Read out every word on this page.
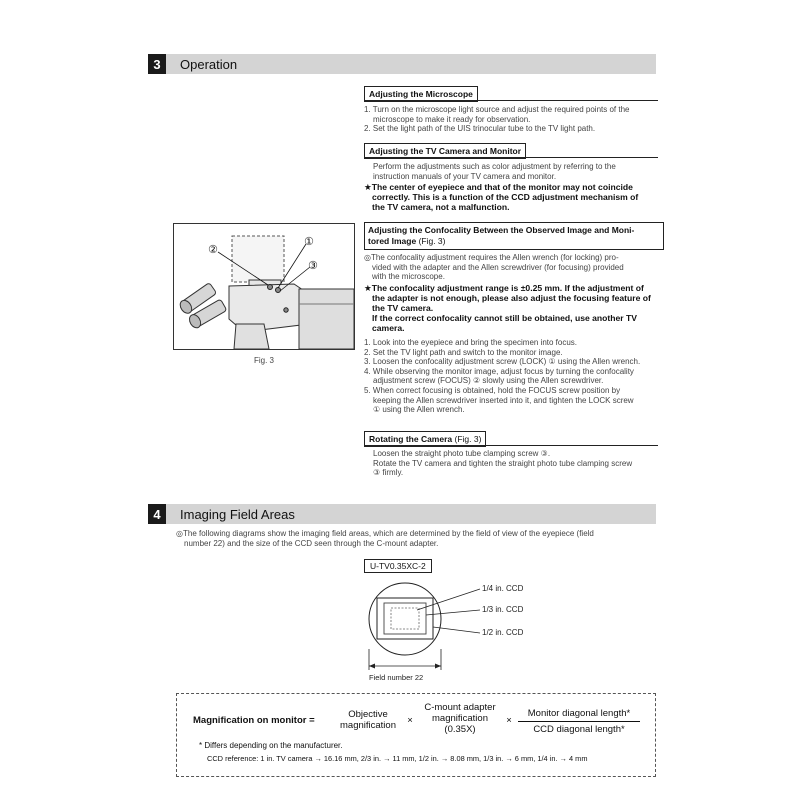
3	Operation
Adjusting the Microscope
1. Turn on the microscope light source and adjust the required points of the
microscope to make it ready for observation.
2. Set the light path of the UIS trinocular tube to the TV light path.
Adjusting the TV Camera and Monitor
Perform the adjustments such as color adjustment by referring to the
instruction manuals of your TV camera and monitor.
★The center of eyepiece and that of the monitor may not coincide
correctly. This is a function of the CCD adjustment mechanism of
the TV camera, not a malfunction.
Adjusting the Confocality Between the Observed Image and Moni-
tored Image (Fig. 3)
◎The confocality adjustment requires the Allen wrench (for locking) pro-
vided with the adapter and the Allen screwdriver (for focusing) provided
with the microscope.
★The confocality adjustment range is ±0.25 mm. If the adjustment of
the adapter is not enough, please also adjust the focusing feature of
the TV camera.
If the correct confocality cannot still be obtained, use another TV
camera.
1. Look into the eyepiece and bring the specimen into focus.
2. Set the TV light path and switch to the monitor image.
3. Loosen the confocality adjustment screw (LOCK) ① using the Allen wrench.
4. While observing the monitor image, adjust focus by turning the confocality
adjustment screw (FOCUS) ② slowly using the Allen screwdriver.
5. When correct focusing is obtained, hold the FOCUS screw position by
keeping the Allen screwdriver inserted into it, and tighten the LOCK screw
① using the Allen wrench.
Rotating the Camera (Fig. 3)
Loosen the straight photo tube clamping screw ③.
Rotate the TV camera and tighten the straight photo tube clamping screw
③ firmly.
②
①
③
Fig. 3
4	Imaging Field Areas
◎The following diagrams show the imaging field areas, which are determined by the field of view of the eyepiece (field
number 22) and the size of the CCD seen through the C-mount adapter.
U-TV0.35XC-2
1/4 in. CCD
1/3 in. CCD
1/2 in. CCD
Field number 22
Magnification on monitor =
Objective
magnification	×
C-mount adapter
magnification
(0.35X)
×
Monitor diagonal length*
CCD diagonal length*
* Differs depending on the manufacturer.
CCD reference: 1 in. TV camera → 16.16 mm, 2/3 in. → 11 mm, 1/2 in. → 8.08 mm, 1/3 in. → 6 mm, 1/4 in. → 4 mm
